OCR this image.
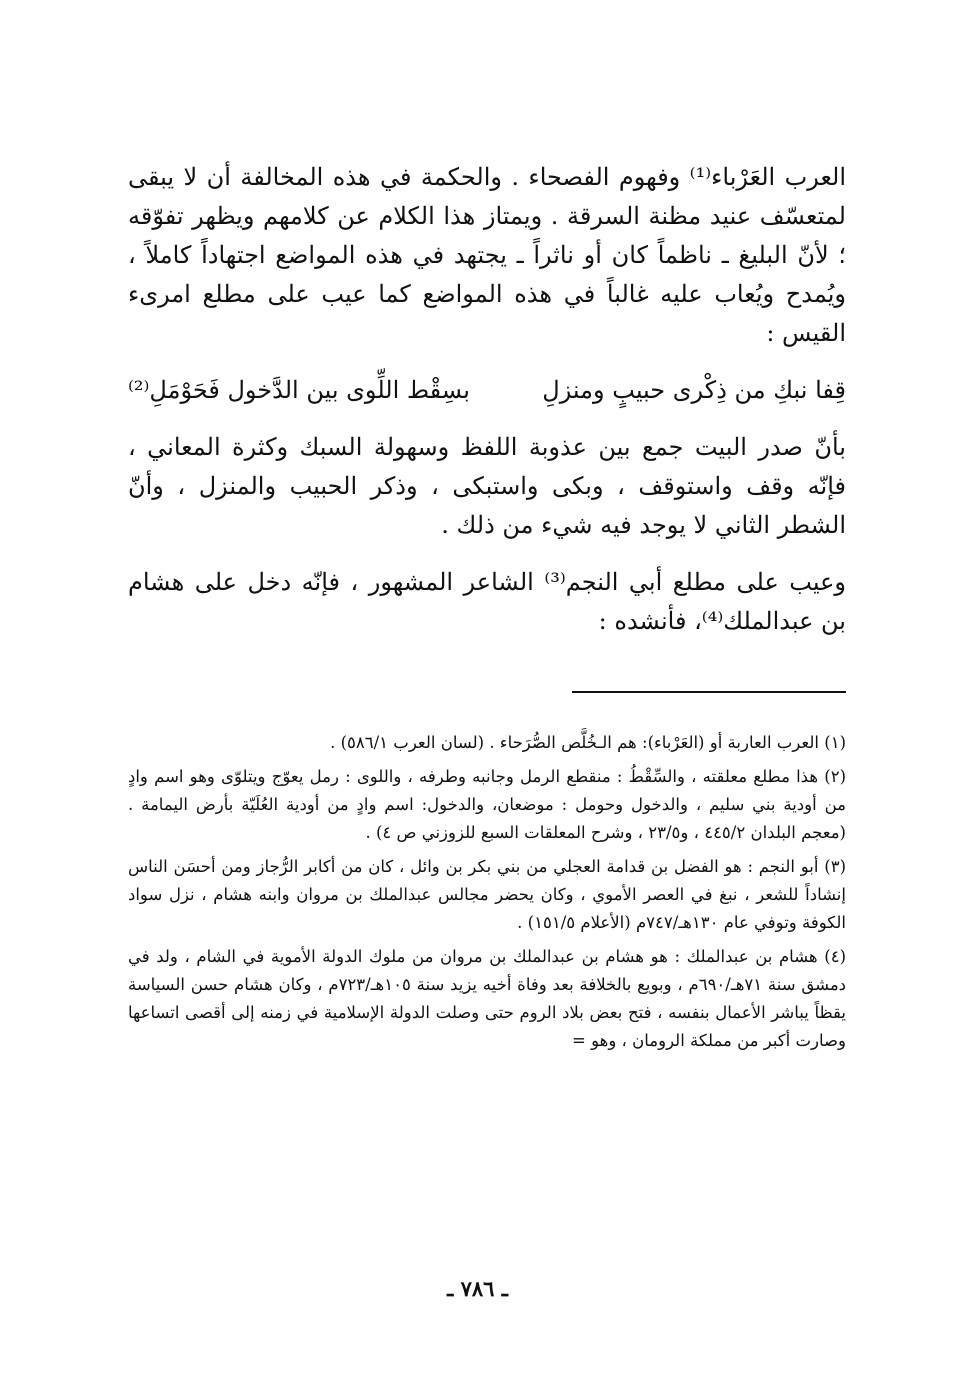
العرب العَرْباء⁽¹⁾ وفهوم الفصحاء . والحكمة في هذه المخالفة أن لا يبقى لمتعسّف عنيد مظنة السرقة . ويمتاز هذا الكلام عن كلامهم ويظهر تفوّقه ؛ لأنّ البليغ ـ ناظماً كان أو ناثراً ـ يجتهد في هذه المواضع اجتهاداً كاملاً ، ويُمدح ويُعاب عليه غالباً في هذه المواضع كما عيب على مطلع امرىء القيس :

قِفا نبكِ من ذِكْرى حبيبٍ ومنزلِ
بسِقْط اللِّوى بين الدَّخول فَحَوْمَلِ⁽²⁾

بأنّ صدر البيت جمع بين عذوبة اللفظ وسهولة السبك وكثرة المعاني ، فإنّه وقف واستوقف ، وبكى واستبكى ، وذكر الحبيب والمنزل ، وأنّ الشطر الثاني لا يوجد فيه شيء من ذلك .

وعيب على مطلع أبي النجم⁽³⁾ الشاعر المشهور ، فإنّه دخل على هشام بن عبدالملك⁽⁴⁾، فأنشده :

(١) العرب العاربة أو (العَرْباء): هم الـخُلَّص الصُّرَحاء . (لسان العرب ٥٨٦/١) .

(٢) هذا مطلع معلقته ، والسِّقْطُ : منقطع الرمل وجانبه وطرفه ، واللوى : رمل يعوّج ويتلوّى وهو اسم وادٍ من أودية بني سليم ، والدخول وحومل : موضعان، والدخول: اسم وادٍ من أودية العُلَيّة بأرض اليمامة . (معجم البلدان ٤٤٥/٢ ، و٢٣/٥ ، وشرح المعلقات السبع للزوزني ص ٤) .

(٣) أبو النجم : هو الفضل بن قدامة العجلي من بني بكر بن وائل ، كان من أكابر الرُّجاز ومن أحسَن الناس إنشاداً للشعر ، نبغ في العصر الأموي ، وكان يحضر مجالس عبدالملك بن مروان وابنه هشام ، نزل سواد الكوفة وتوفي عام ١٣٠هـ/٧٤٧م (الأعلام ١٥١/٥) .

(٤) هشام بن عبدالملك : هو هشام بن عبدالملك بن مروان من ملوك الدولة الأموية في الشام ، ولد في دمشق سنة ٧١هـ/٦٩٠م ، وبويع بالخلافة بعد وفاة أخيه يزيد سنة ١٠٥هـ/٧٢٣م ، وكان هشام حسن السياسة يقظاً يباشر الأعمال بنفسه ، فتح بعض بلاد الروم حتى وصلت الدولة الإسلامية في زمنه إلى أقصى اتساعها وصارت أكبر من مملكة الرومان ، وهو =

ـ ٧٨٦ ـ
